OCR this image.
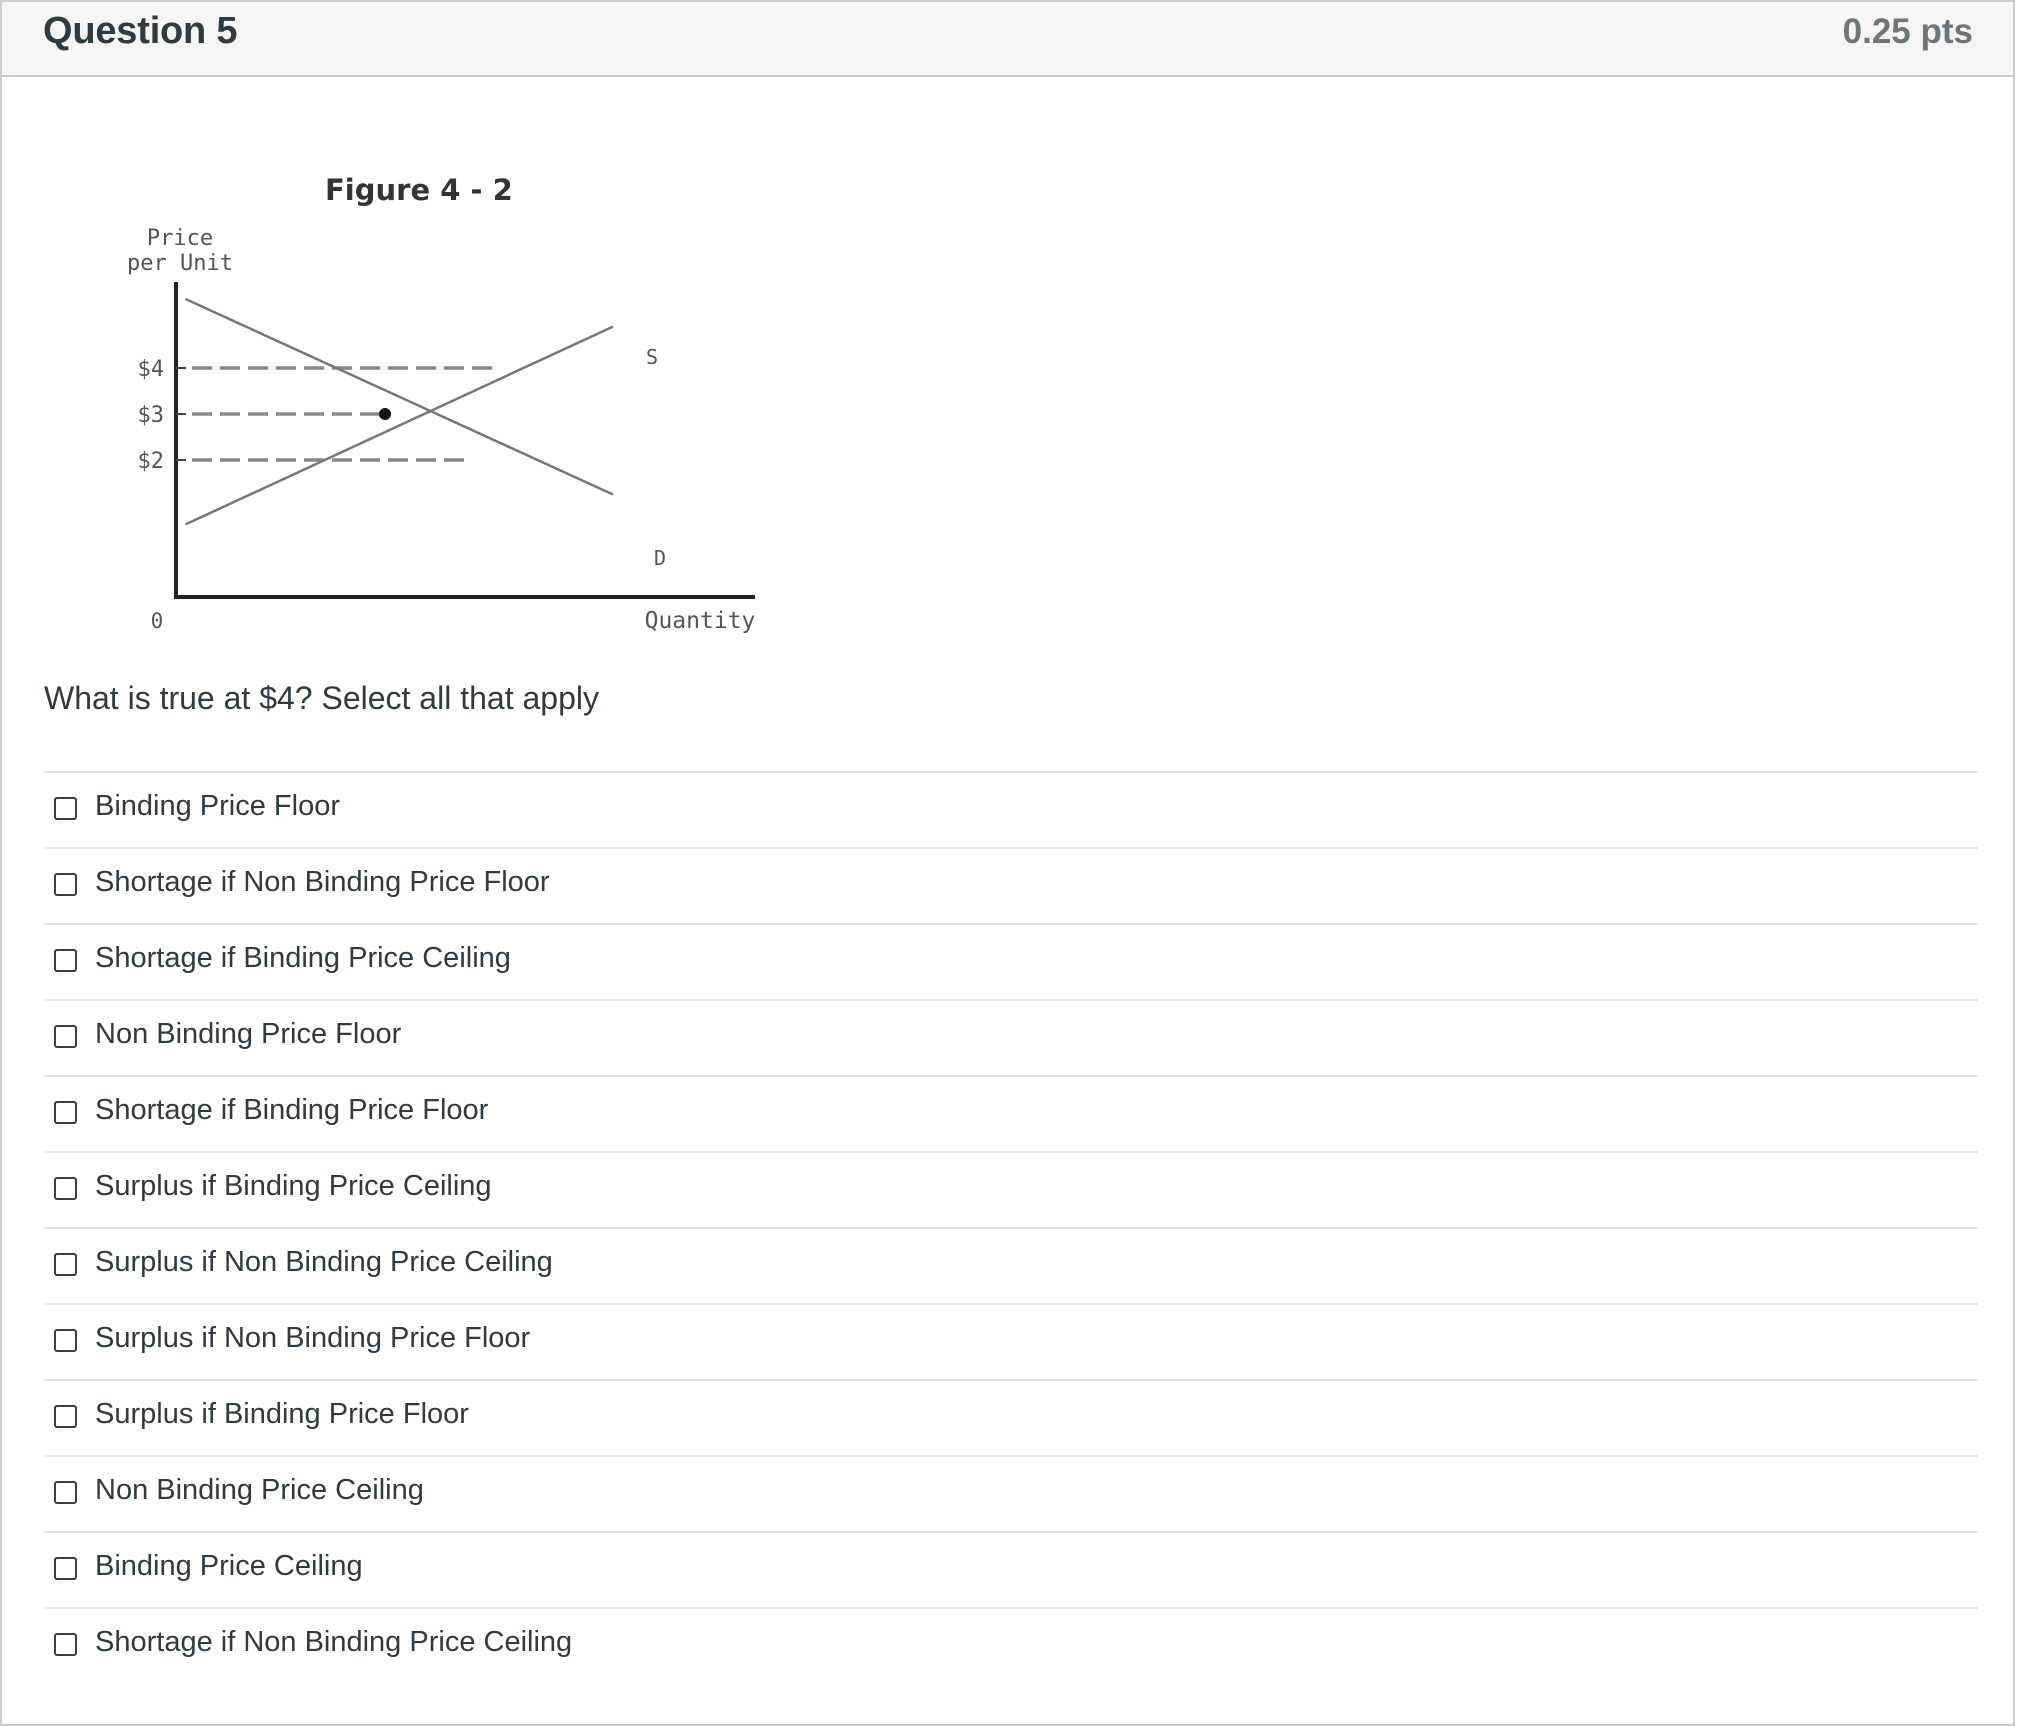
Question 5	0.25 pts
Figure 4 - 2
Price
per Unit
$4
$3
$2
S
D
0	Quantity
What is true at $4? Select all that apply
Binding Price Floor
Shortage if Non Binding Price Floor
Shortage if Binding Price Ceiling
Non Binding Price Floor
Shortage if Binding Price Floor
Surplus if Binding Price Ceiling
Surplus if Non Binding Price Ceiling
Surplus if Non Binding Price Floor
Surplus if Binding Price Floor
Non Binding Price Ceiling
Binding Price Ceiling
Shortage if Non Binding Price Ceiling
